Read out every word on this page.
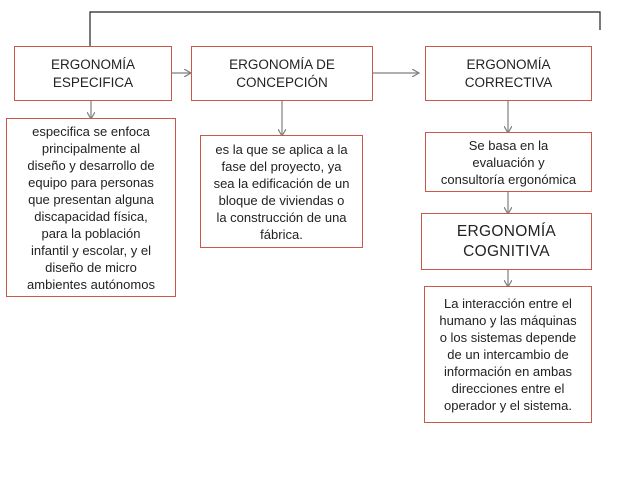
ERGONOMÍA
ESPECIFICA
ERGONOMÍA DE
CONCEPCIÓN
ERGONOMÍA
CORRECTIVA
especifica se enfoca
principalmente al
diseño y desarrollo de
equipo para personas
que presentan alguna
discapacidad física,
para la población
infantil y escolar, y el
diseño de micro
ambientes autónomos
es la que se aplica a la
fase del proyecto, ya
sea la edificación de un
bloque de viviendas o
la construcción de una
fábrica.
Se basa en la
evaluación y
consultoría ergonómica
ERGONOMÍA
COGNITIVA
La interacción entre el
humano y las máquinas
o los sistemas depende
de un intercambio de
información en ambas
direcciones entre el
operador y el sistema.
